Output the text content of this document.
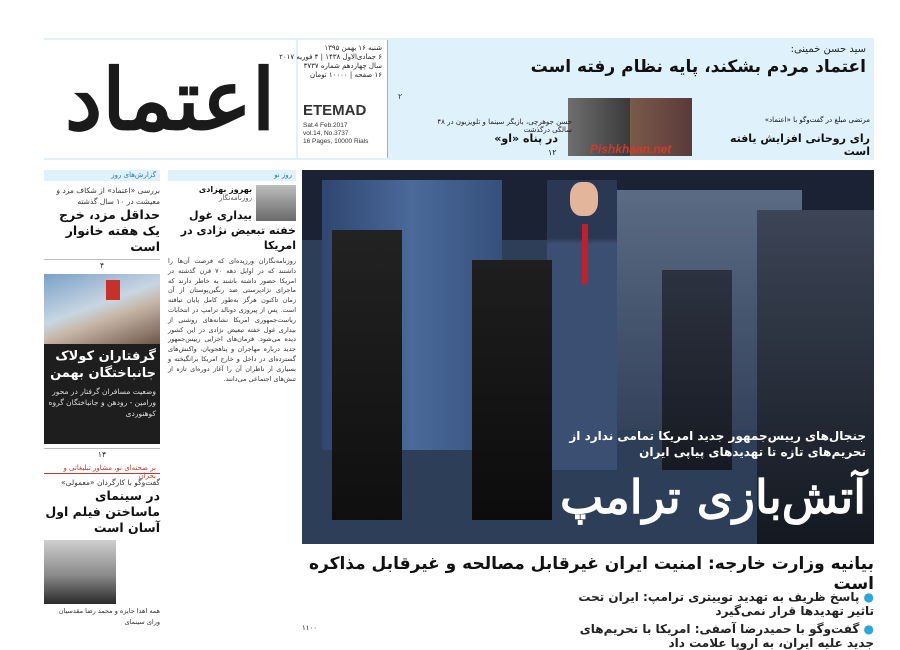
اعتماد
شنبه ۱۶ بهمن ۱۳۹۵
۶ جمادی‌الاول ۱۴۳۸ | ۴ فوریه ۲۰۱۷
سال چهاردهم شماره ۳۷۳۷
۱۶ صفحه | ۱۰۰۰۰ تومان
ETEMAD
Sat.4 Feb.2017
vol.14, No.3737
16 Pages, 10000 Rials
سید حسن خمینی:
اعتماد مردم بشکند، پایه نظام رفته است
۲
حسن جوهرچی، بازیگر سینما و تلویزیون در ۴۸ سالگی درگذشت
در پناه «او»
۱۲
مرتضی مبلغ در گفت‌وگو با «اعتماد»
رای روحانی افزایش یافته است
Pishkhaan.net
گزارش‌های روز
بررسی «اعتماد» از شکاف مزد و معیشت در ۱۰ سال گذشته
حداقل مزد، خرج یک هفته خانوار است
۴
گرفتاران کولاک جانباختگان بهمن
وضعیت مسافران گرفتار در محور ورامین - رودهن و جانباختگان گروه کوهنوردی
۱۴
بر صحنه‌ای نو، مشاور تبلیغاتی و بحران
گفت‌وگو با کارگردان «معمولی»
در سینمای ماساختن فیلم اول آسان است
همه اهدا جایزه و محمد رضا مقدسیان ورای سینمای
روز نو
بهروز بهزادی
روزنامه‌نگار
بیداری غول خفته تبعیض نژادی در امریکا
روزنامه‌نگاران ورزیده‌ای که فرصت آن‌ها را داشتند که در اوایل دهه ۷۰ قرن گذشته در امریکا حضور داشته باشند به خاطر دارند که ماجرای نژادپرستی ضد رنگین‌پوستان از آن زمان تاکنون هرگز به‌طور کامل پایان نیافته است. پس از پیروزی دونالد ترامپ در انتخابات ریاست‌جمهوری امریکا نشانه‌های روشنی از بیداری غول خفته تبعیض نژادی در این کشور دیده می‌شود. فرمان‌های اجرایی رییس‌جمهور جدید درباره مهاجران و پناهجویان، واکنش‌های گسترده‌ای در داخل و خارج امریکا برانگیخته و بسیاری از ناظران آن را آغاز دوره‌ای تازه از تنش‌های اجتماعی می‌دانند.
جنجال‌های رییس‌جمهور جدید امریکا تمامی ندارد از تحریم‌های تازه تا تهدیدهای پیاپی ایران
آتش‌بازی ترامپ
بیانیه وزارت خارجه: امنیت ایران غیرقابل مصالحه و غیرقابل مذاکره است
● پاسخ ظریف به تهدید توییتری ترامپ: ایران تحت تاثیر تهدیدها قرار نمی‌گیرد
● گفت‌وگو با حمیدرضا آصفی: امریکا با تحریم‌های جدید علیه ایران، به اروپا علامت داد
۱۱۰۰
